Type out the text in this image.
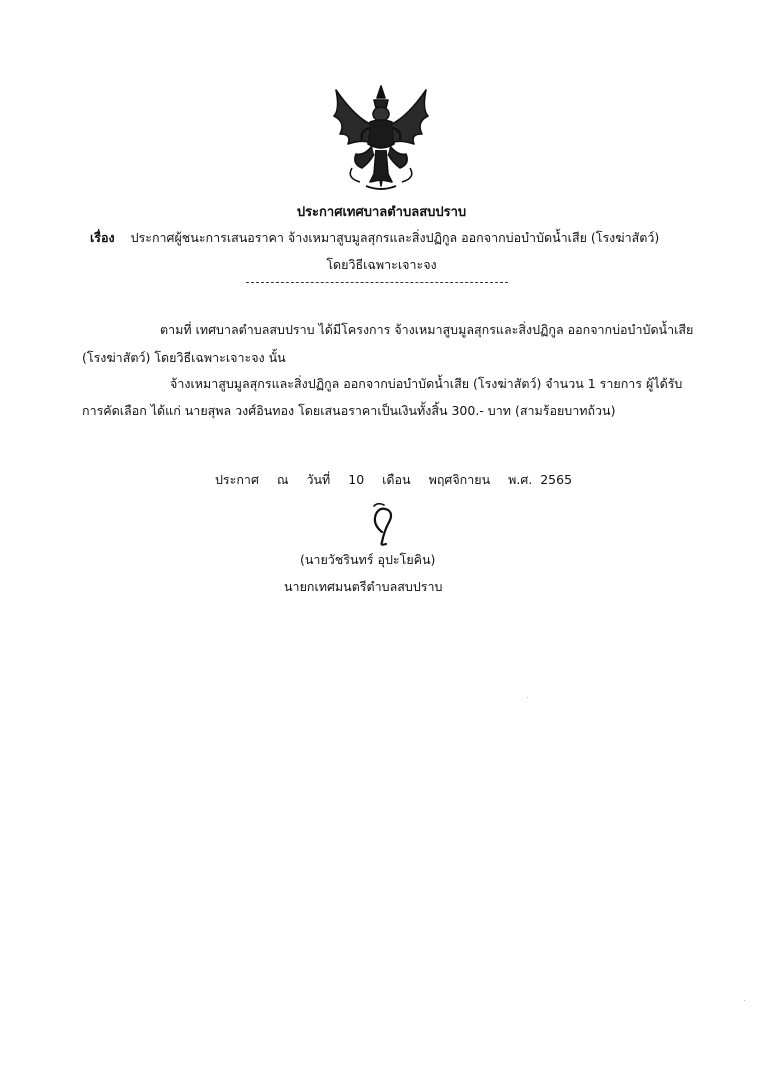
ประกาศเทศบาลตำบลสบปราบ
เรื่อง ประกาศผู้ชนะการเสนอราคา จ้างเหมาสูบมูลสุกรและสิ่งปฏิกูล ออกจากบ่อบำบัดน้ำเสีย (โรงฆ่าสัตว์)
โดยวิธีเฉพาะเจาะจง
ตามที่ เทศบาลตำบลสบปราบ ได้มีโครงการ จ้างเหมาสูบมูลสุกรและสิ่งปฏิกูล ออกจากบ่อบำบัดน้ำเสีย
(โรงฆ่าสัตว์) โดยวิธีเฉพาะเจาะจง นั้น
จ้างเหมาสูบมูลสุกรและสิ่งปฏิกูล ออกจากบ่อบำบัดน้ำเสีย (โรงฆ่าสัตว์) จำนวน 1 รายการ ผู้ได้รับ
การคัดเลือก ได้แก่ นายสุพล วงศ์อินทอง โดยเสนอราคาเป็นเงินทั้งสิ้น 300.- บาท (สามร้อยบาทถ้วน)
ประกาศ ณ วันที่ 10 เดือน พฤศจิกายน พ.ศ. 2565
(นายวัชรินทร์ อุปะโยคิน)
นายกเทศมนตรีตำบลสบปราบ
